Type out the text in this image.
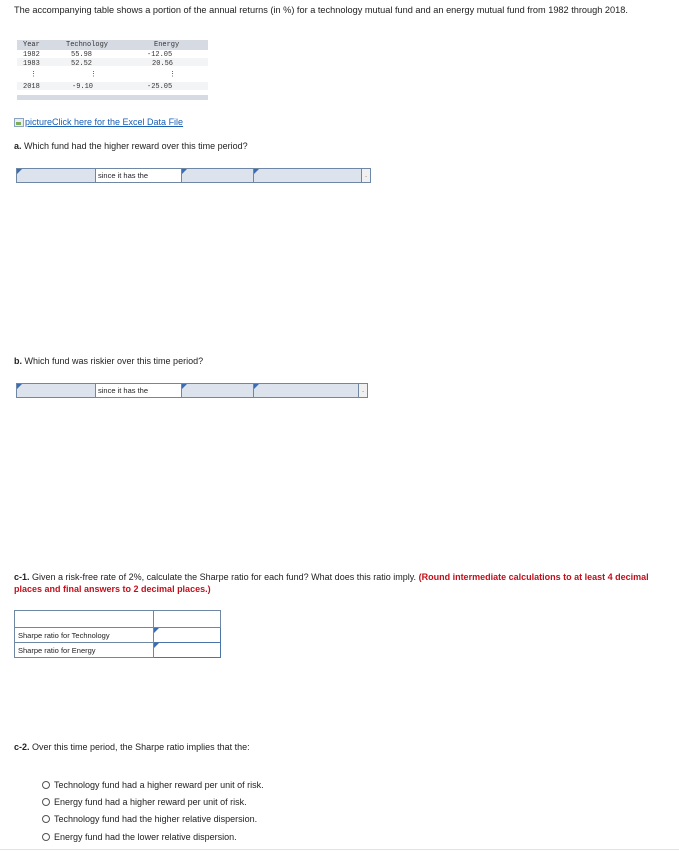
The accompanying table shows a portion of the annual returns (in %) for a technology mutual fund and an energy mutual fund from 1982 through 2018.
Year	Technology	Energy
1982	55.98	-12.05
1983	52.52	20.56
⋮	⋮	⋮
2018	-9.10	-25.05
picture Click here for the Excel Data File
a. Which fund had the higher reward over this time period?
since it has the
.
b. Which fund was riskier over this time period?
since it has the
.
c-1. Given a risk-free rate of 2%, calculate the Sharpe ratio for each fund? What does this ratio imply. (Round intermediate calculations to at least 4 decimal places and final answers to 2 decimal places.)

Sharpe ratio for Technology	
Sharpe ratio for Energy	
c-2. Over this time period, the Sharpe ratio implies that the:
Technology fund had a higher reward per unit of risk.
Energy fund had a higher reward per unit of risk.
Technology fund had the higher relative dispersion.
Energy fund had the lower relative dispersion.
